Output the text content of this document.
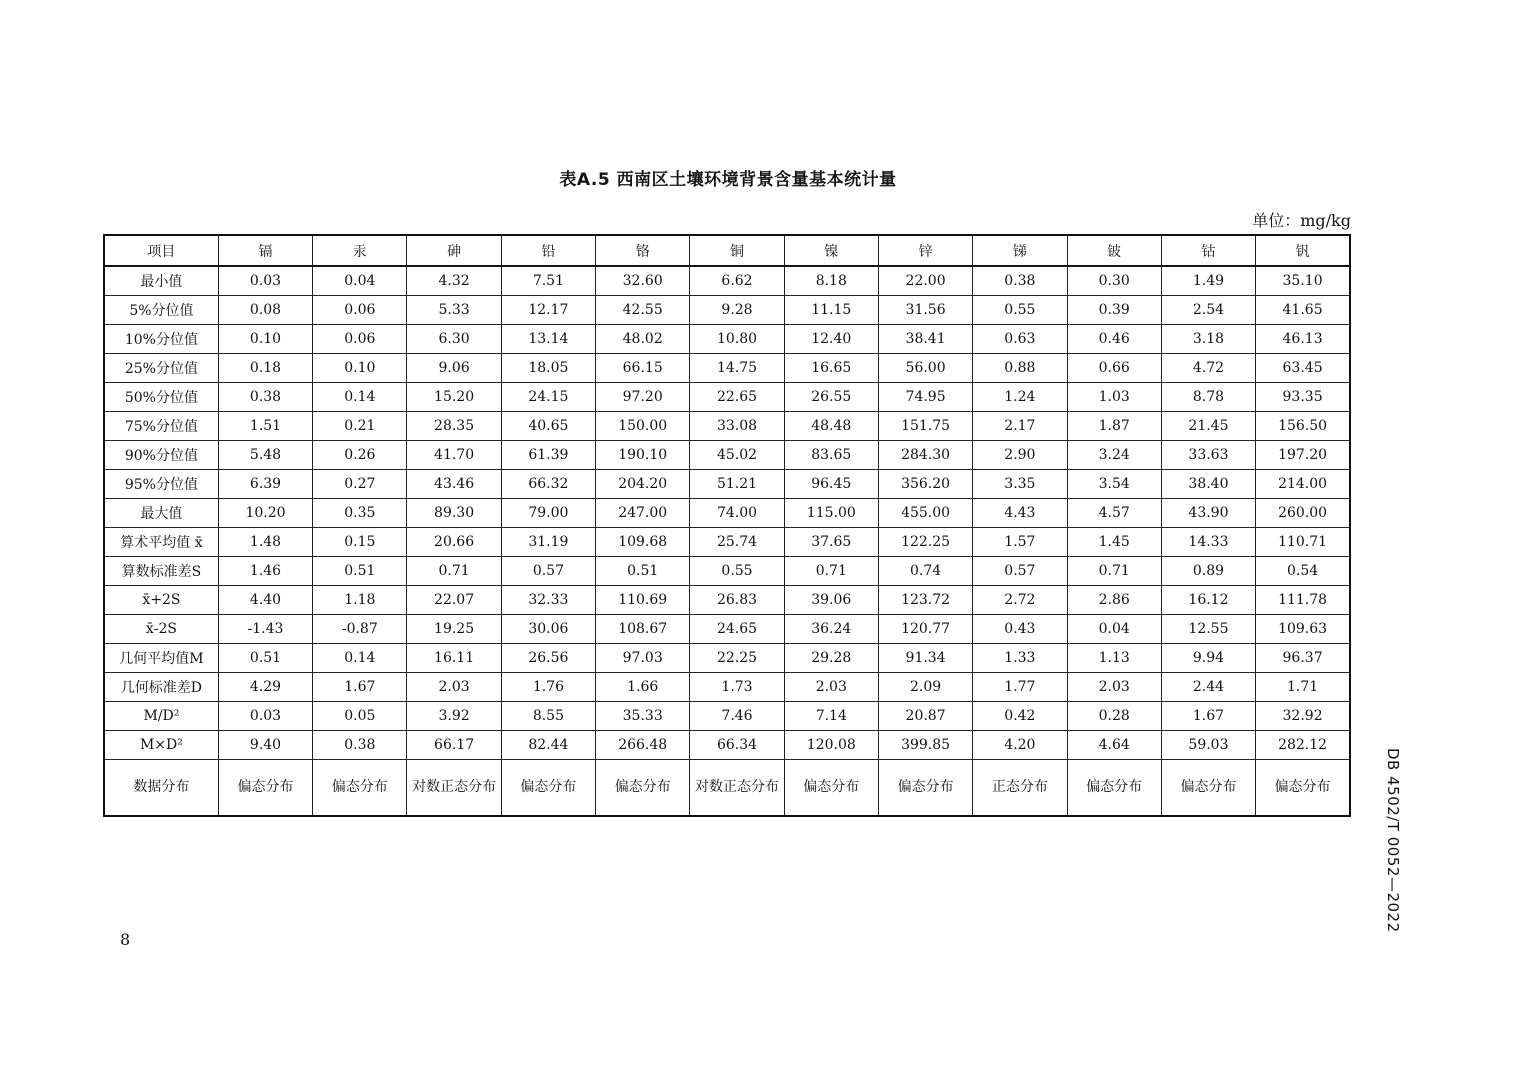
表A.5 西南区土壤环境背景含量基本统计量
单位：mg/kg
项目	镉	汞	砷	铅	铬	铜	镍	锌	锑	铍	钴	钒
最小值	0.03	0.04	4.32	7.51	32.60	6.62	8.18	22.00	0.38	0.30	1.49	35.10
5%分位值	0.08	0.06	5.33	12.17	42.55	9.28	11.15	31.56	0.55	0.39	2.54	41.65
10%分位值	0.10	0.06	6.30	13.14	48.02	10.80	12.40	38.41	0.63	0.46	3.18	46.13
25%分位值	0.18	0.10	9.06	18.05	66.15	14.75	16.65	56.00	0.88	0.66	4.72	63.45
50%分位值	0.38	0.14	15.20	24.15	97.20	22.65	26.55	74.95	1.24	1.03	8.78	93.35
75%分位值	1.51	0.21	28.35	40.65	150.00	33.08	48.48	151.75	2.17	1.87	21.45	156.50
90%分位值	5.48	0.26	41.70	61.39	190.10	45.02	83.65	284.30	2.90	3.24	33.63	197.20
95%分位值	6.39	0.27	43.46	66.32	204.20	51.21	96.45	356.20	3.35	3.54	38.40	214.00
最大值	10.20	0.35	89.30	79.00	247.00	74.00	115.00	455.00	4.43	4.57	43.90	260.00
算术平均值 x̄	1.48	0.15	20.66	31.19	109.68	25.74	37.65	122.25	1.57	1.45	14.33	110.71
算数标准差S	1.46	0.51	0.71	0.57	0.51	0.55	0.71	0.74	0.57	0.71	0.89	0.54
x̄+2S	4.40	1.18	22.07	32.33	110.69	26.83	39.06	123.72	2.72	2.86	16.12	111.78
x̄-2S	-1.43	-0.87	19.25	30.06	108.67	24.65	36.24	120.77	0.43	0.04	12.55	109.63
几何平均值M	0.51	0.14	16.11	26.56	97.03	22.25	29.28	91.34	1.33	1.13	9.94	96.37
几何标准差D	4.29	1.67	2.03	1.76	1.66	1.73	2.03	2.09	1.77	2.03	2.44	1.71
M/D²	0.03	0.05	3.92	8.55	35.33	7.46	7.14	20.87	0.42	0.28	1.67	32.92
M×D²	9.40	0.38	66.17	82.44	266.48	66.34	120.08	399.85	4.20	4.64	59.03	282.12
数据分布	偏态分布	偏态分布	对数正态分布	偏态分布	偏态分布	对数正态分布	偏态分布	偏态分布	正态分布	偏态分布	偏态分布	偏态分布	DB 4502/T 0052—2022
8
